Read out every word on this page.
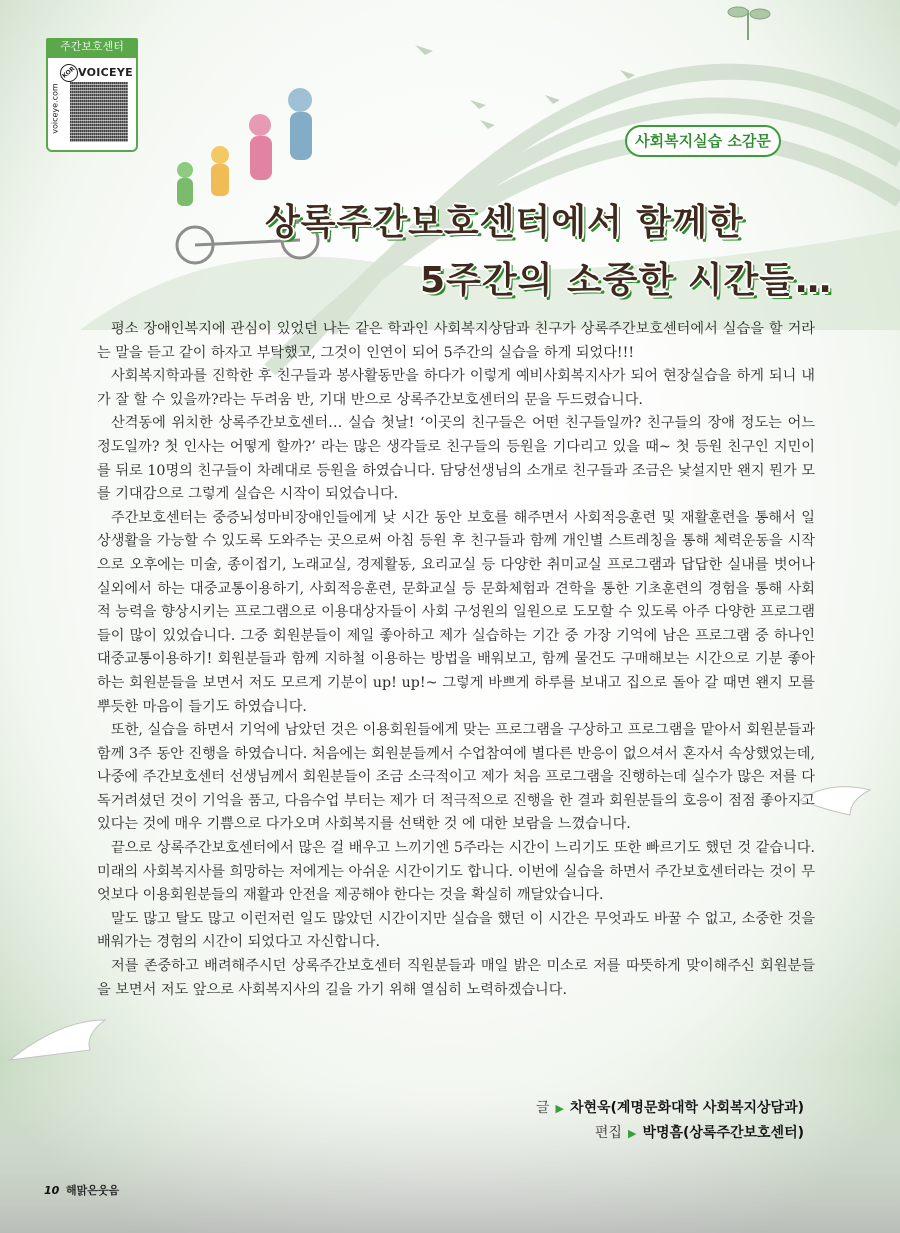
주간보호센터
KOR VOICEYE
voiceye.com
사회복지실습 소감문
상록주간보호센터에서 함께한
5주간의 소중한 시간들…

평소 장애인복지에 관심이 있었던 나는 같은 학과인 사회복지상담과 친구가 상록주간보호센터에서 실습을 할 거라는 말을 듣고 같이 하자고 부탁했고, 그것이 인연이 되어 5주간의 실습을 하게 되었다!!!

사회복지학과를 진학한 후 친구들과 봉사활동만을 하다가 이렇게 예비사회복지사가 되어 현장실습을 하게 되니 내가 잘 할 수 있을까?라는 두려움 반, 기대 반으로 상록주간보호센터의 문을 두드렸습니다.

산격동에 위치한 상록주간보호센터… 실습 첫날! ‘이곳의 친구들은 어떤 친구들일까? 친구들의 장애 정도는 어느 정도일까? 첫 인사는 어떻게 할까?’ 라는 많은 생각들로 친구들의 등원을 기다리고 있을 때~ 첫 등원 친구인 지민이를 뒤로 10명의 친구들이 차례대로 등원을 하였습니다. 담당선생님의 소개로 친구들과 조금은 낯설지만 왠지 뭔가 모를 기대감으로 그렇게 실습은 시작이 되었습니다.

주간보호센터는 중증뇌성마비장애인들에게 낮 시간 동안 보호를 해주면서 사회적응훈련 및 재활훈련을 통해서 일상생활을 가능할 수 있도록 도와주는 곳으로써 아침 등원 후 친구들과 함께 개인별 스트레칭을 통해 체력운동을 시작으로 오후에는 미술, 종이접기, 노래교실, 경제활동, 요리교실 등 다양한 취미교실 프로그램과 답답한 실내를 벗어나 실외에서 하는 대중교통이용하기, 사회적응훈련, 문화교실 등 문화체험과 견학을 통한 기초훈련의 경험을 통해 사회적 능력을 향상시키는 프로그램으로 이용대상자들이 사회 구성원의 일원으로 도모할 수 있도록 아주 다양한 프로그램들이 많이 있었습니다. 그중 회원분들이 제일 좋아하고 제가 실습하는 기간 중 가장 기억에 남은 프로그램 중 하나인 대중교통이용하기! 회원분들과 함께 지하철 이용하는 방법을 배워보고, 함께 물건도 구매해보는 시간으로 기분 좋아하는 회원분들을 보면서 저도 모르게 기분이 up! up!~ 그렇게 바쁘게 하루를 보내고 집으로 돌아 갈 때면 왠지 모를 뿌듯한 마음이 들기도 하였습니다.

또한, 실습을 하면서 기억에 남았던 것은 이용회원들에게 맞는 프로그램을 구상하고 프로그램을 맡아서 회원분들과 함께 3주 동안 진행을 하였습니다. 처음에는 회원분들께서 수업참여에 별다른 반응이 없으셔서 혼자서 속상했었는데, 나중에 주간보호센터 선생님께서 회원분들이 조금 소극적이고 제가 처음 프로그램을 진행하는데 실수가 많은 저를 다독거려셨던 것이 기억을 품고, 다음수업 부터는 제가 더 적극적으로 진행을 한 결과 회원분들의 호응이 점점 좋아지고 있다는 것에 매우 기쁨으로 다가오며 사회복지를 선택한 것 에 대한 보람을 느꼈습니다.

끝으로 상록주간보호센터에서 많은 걸 배우고 느끼기엔 5주라는 시간이 느리기도 또한 빠르기도 했던 것 같습니다. 미래의 사회복지사를 희망하는 저에게는 아쉬운 시간이기도 합니다. 이번에 실습을 하면서 주간보호센터라는 것이 무엇보다 이용회원분들의 재활과 안전을 제공해야 한다는 것을 확실히 깨달았습니다.

말도 많고 탈도 많고 이런저런 일도 많았던 시간이지만 실습을 했던 이 시간은 무엇과도 바꿀 수 없고, 소중한 것을 배워가는 경험의 시간이 되었다고 자신합니다.

저를 존중하고 배려해주시던 상록주간보호센터 직원분들과 매일 밝은 미소로 저를 따뜻하게 맞이해주신 회원분들을 보면서 저도 앞으로 사회복지사의 길을 가기 위해 열심히 노력하겠습니다.

글 ▶ 차현욱(계명문화대학 사회복지상담과)
편집 ▶ 박명흠(상록주간보호센터)
10 해맑은웃음
